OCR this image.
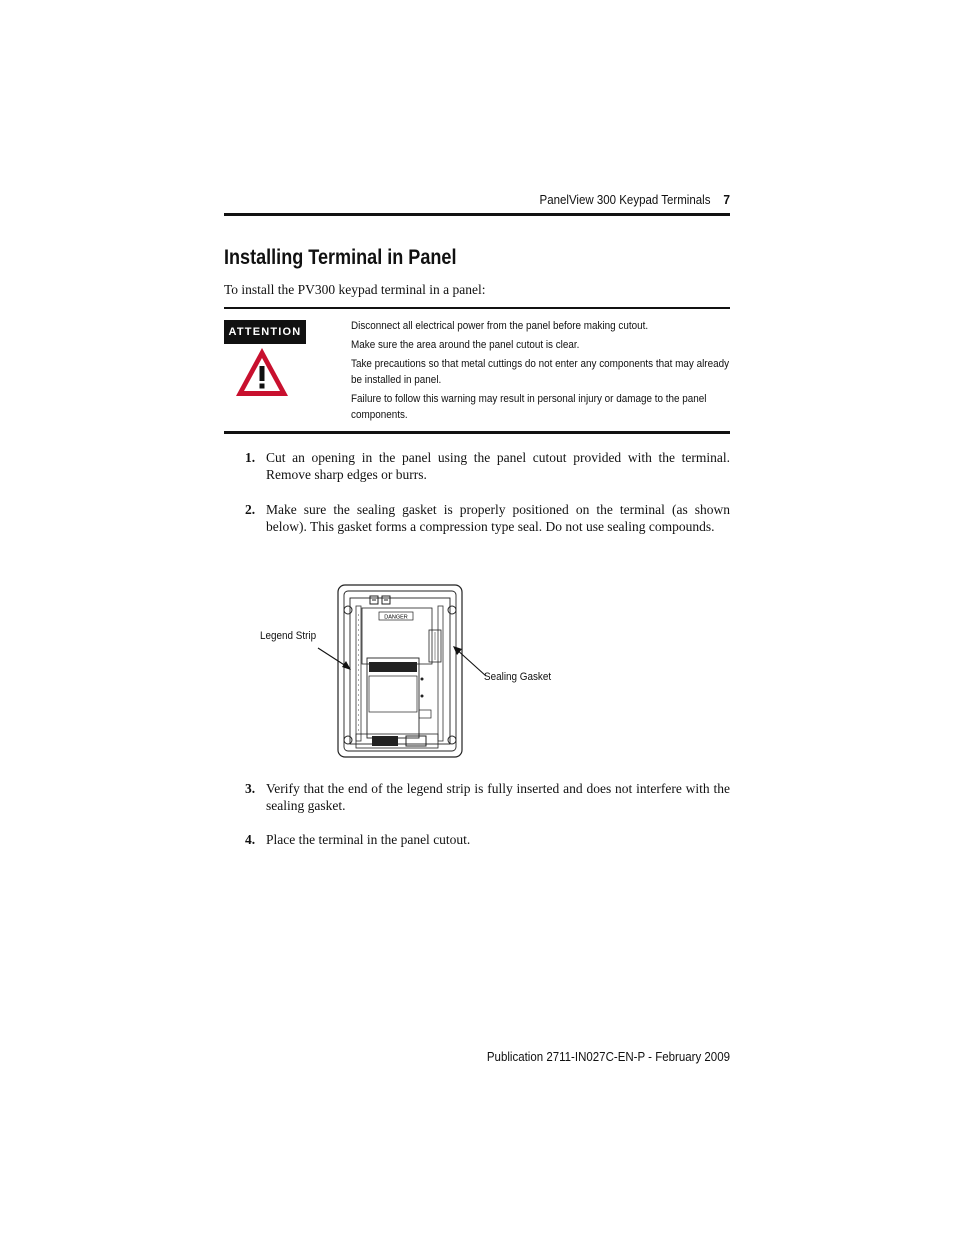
PanelView 300 Keypad Terminals 7
Installing Terminal in Panel
To install the PV300 keypad terminal in a panel:
ATTENTION	Disconnect all electrical power from the panel before making cutout.

Make sure the area around the panel cutout is clear.

Take precautions so that metal cuttings do not enter any components that may already be installed in panel.

Failure to follow this warning may result in personal injury or damage to the panel components.

1. Cut an opening in the panel using the panel cutout provided with the terminal. Remove sharp edges or burrs.
2. Make sure the sealing gasket is properly positioned on the terminal (as shown below). This gasket forms a compression type seal. Do not use sealing compounds.
DANGER
Legend Strip
Sealing Gasket
3. Verify that the end of the legend strip is fully inserted and does not interfere with the sealing gasket.
4. Place the terminal in the panel cutout.
Publication 2711-IN027C-EN-P - February 2009
